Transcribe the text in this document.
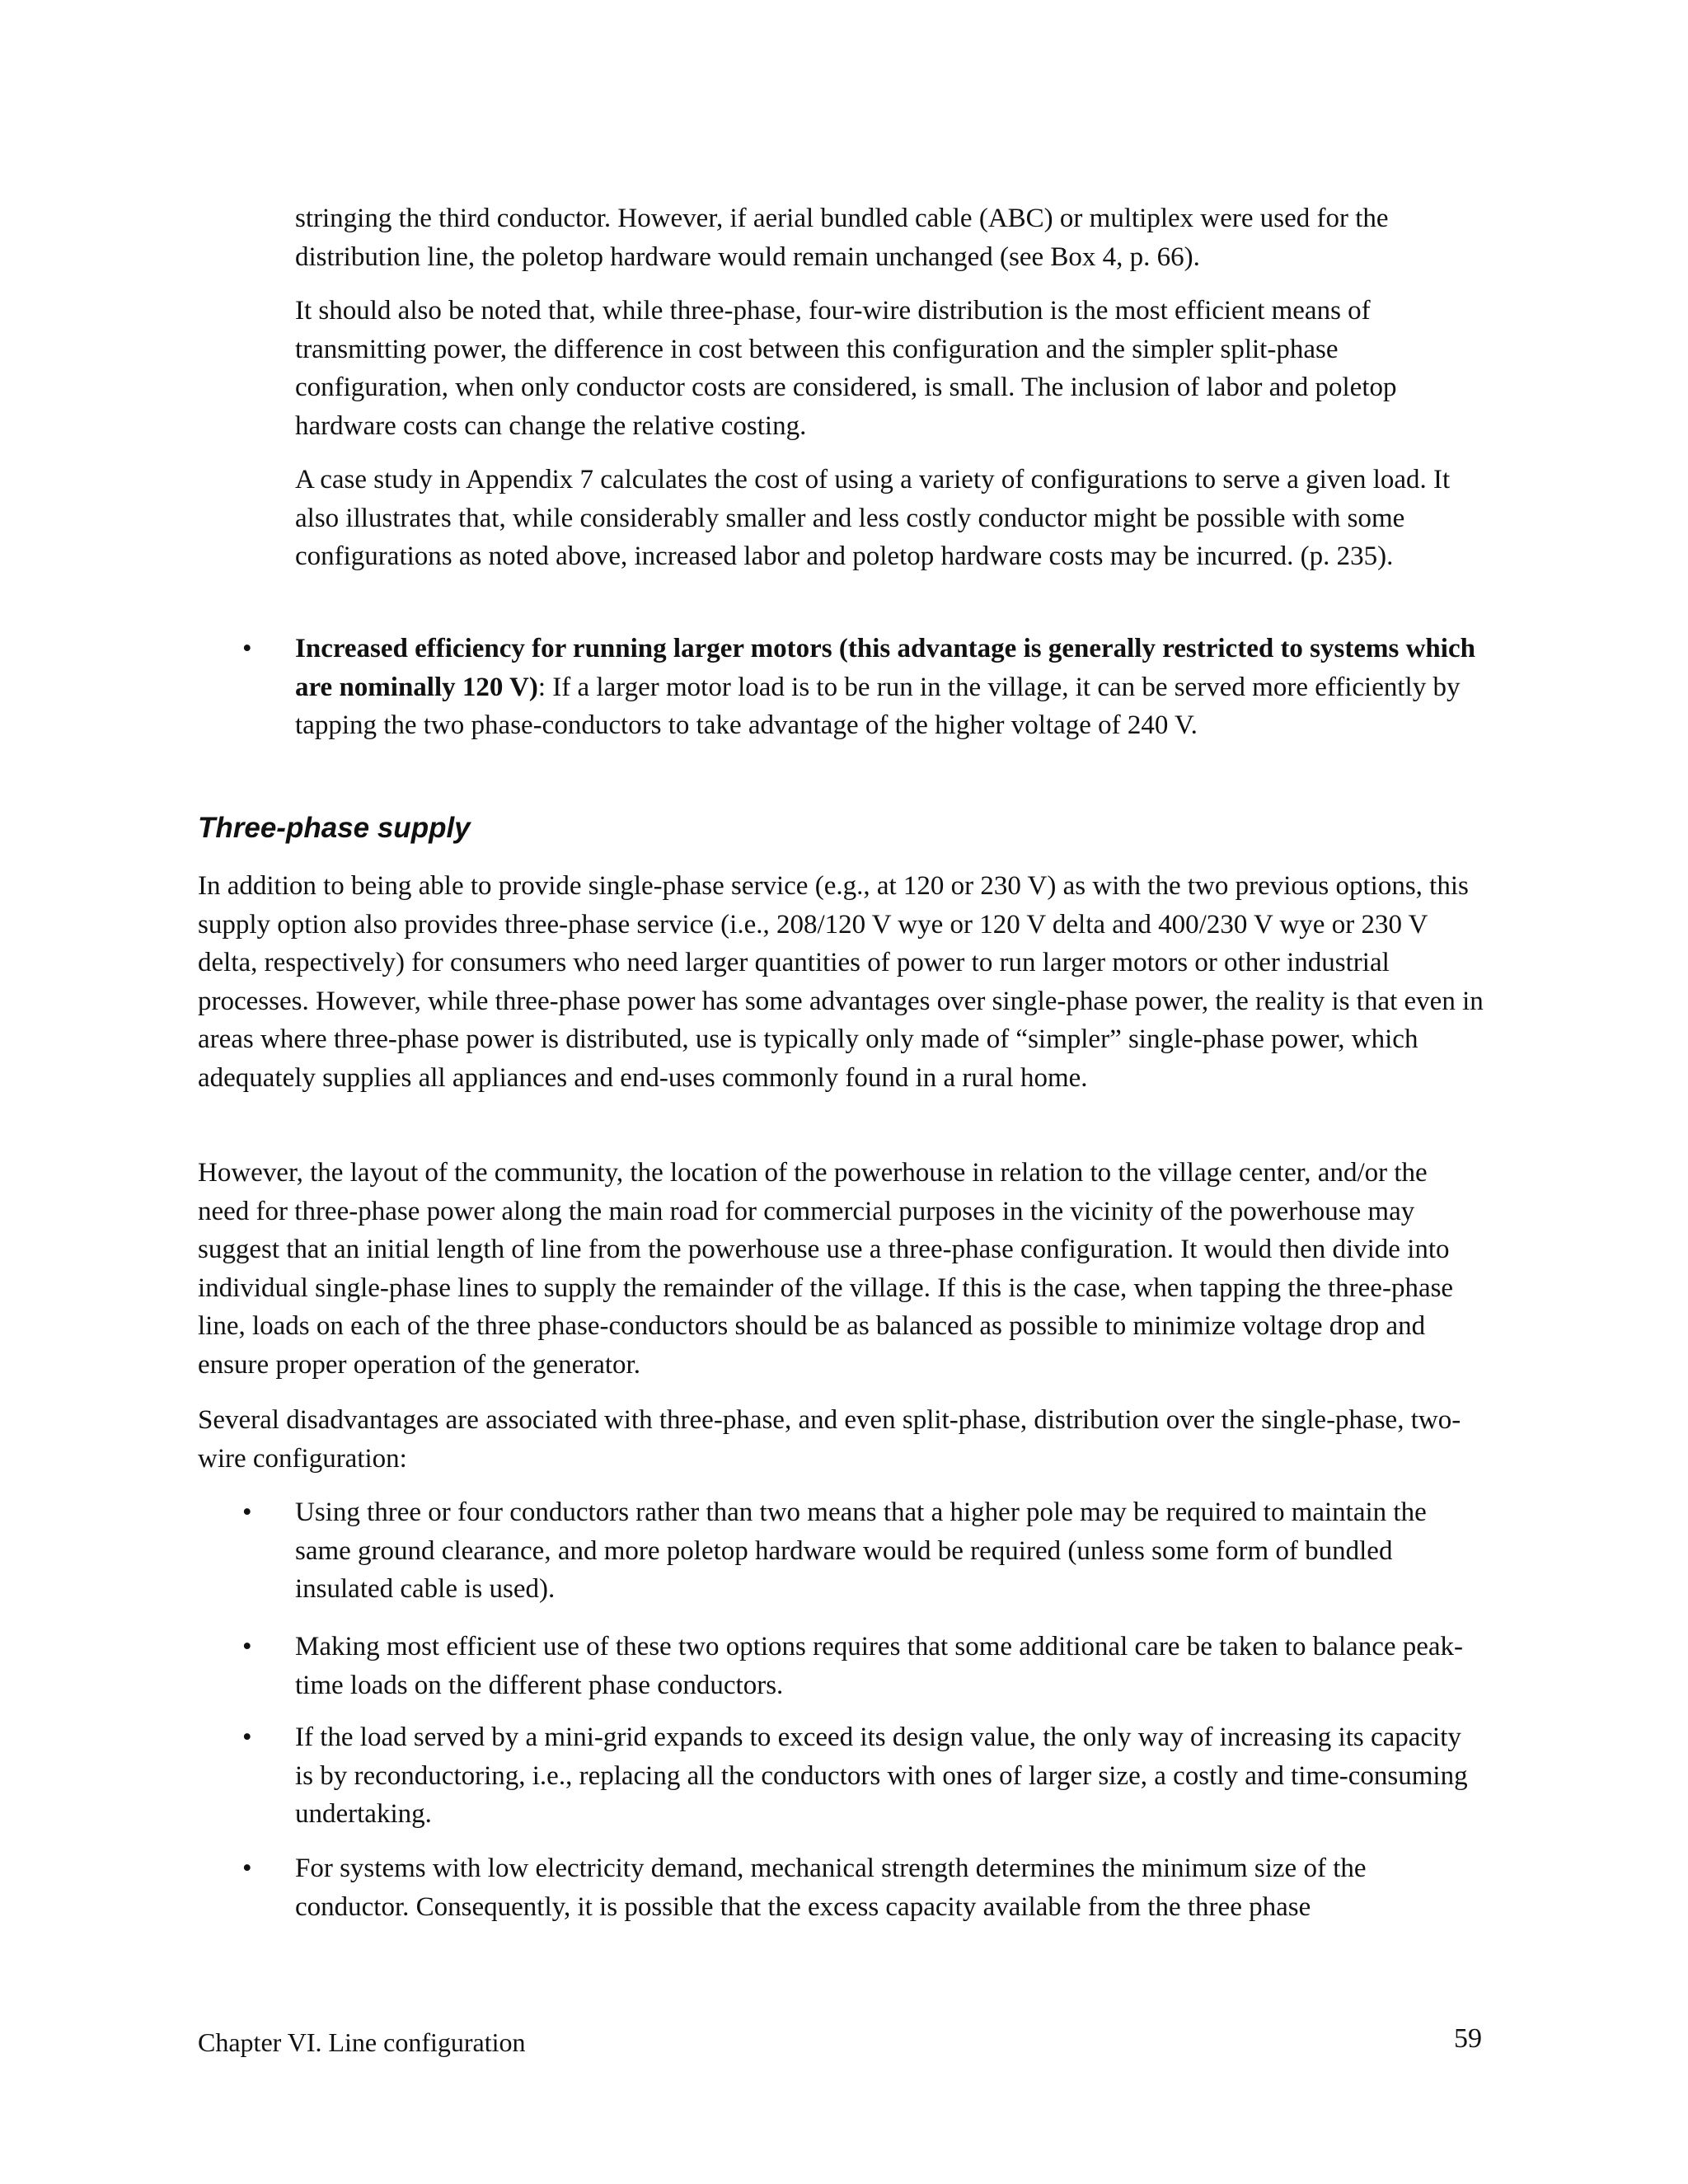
stringing the third conductor. However, if aerial bundled cable (ABC) or multiplex were used for the distribution line, the poletop hardware would remain unchanged (see Box 4, p. 66).

It should also be noted that, while three-phase, four-wire distribution is the most efficient means of transmitting power, the difference in cost between this configuration and the simpler split-phase configuration, when only conductor costs are considered, is small. The inclusion of labor and poletop hardware costs can change the relative costing.

A case study in Appendix 7 calculates the cost of using a variety of configurations to serve a given load. It also illustrates that, while considerably smaller and less costly conductor might be possible with some configurations as noted above, increased labor and poletop hardware costs may be incurred. (p. 235).

•	Increased efficiency for running larger motors (this advantage is generally restricted to systems which are nominally 120 V): If a larger motor load is to be run in the village, it can be served more efficiently by tapping the two phase-conductors to take advantage of the higher voltage of 240 V.

Three-phase supply

In addition to being able to provide single-phase service (e.g., at 120 or 230 V) as with the two previous options, this supply option also provides three-phase service (i.e., 208/120 V wye or 120 V delta and 400/230 V wye or 230 V delta, respectively) for consumers who need larger quantities of power to run larger motors or other industrial processes. However, while three-phase power has some advantages over single-phase power, the reality is that even in areas where three-phase power is distributed, use is typically only made of “simpler” single-phase power, which adequately supplies all appliances and end-uses commonly found in a rural home.

However, the layout of the community, the location of the powerhouse in relation to the village center, and/or the need for three-phase power along the main road for commercial purposes in the vicinity of the powerhouse may suggest that an initial length of line from the powerhouse use a three-phase configuration. It would then divide into individual single-phase lines to supply the remainder of the village. If this is the case, when tapping the three-phase line, loads on each of the three phase-conductors should be as balanced as possible to minimize voltage drop and ensure proper operation of the generator.

Several disadvantages are associated with three-phase, and even split-phase, distribution over the single-phase, two-wire configuration:

•	Using three or four conductors rather than two means that a higher pole may be required to maintain the same ground clearance, and more poletop hardware would be required (unless some form of bundled insulated cable is used).

•	Making most efficient use of these two options requires that some additional care be taken to balance peak-time loads on the different phase conductors.

•	If the load served by a mini-grid expands to exceed its design value, the only way of increasing its capacity is by reconductoring, i.e., replacing all the conductors with ones of larger size, a costly and time-consuming undertaking.

•	For systems with low electricity demand, mechanical strength determines the minimum size of the conductor. Consequently, it is possible that the excess capacity available from the three phase

Chapter VI. Line configuration	59
